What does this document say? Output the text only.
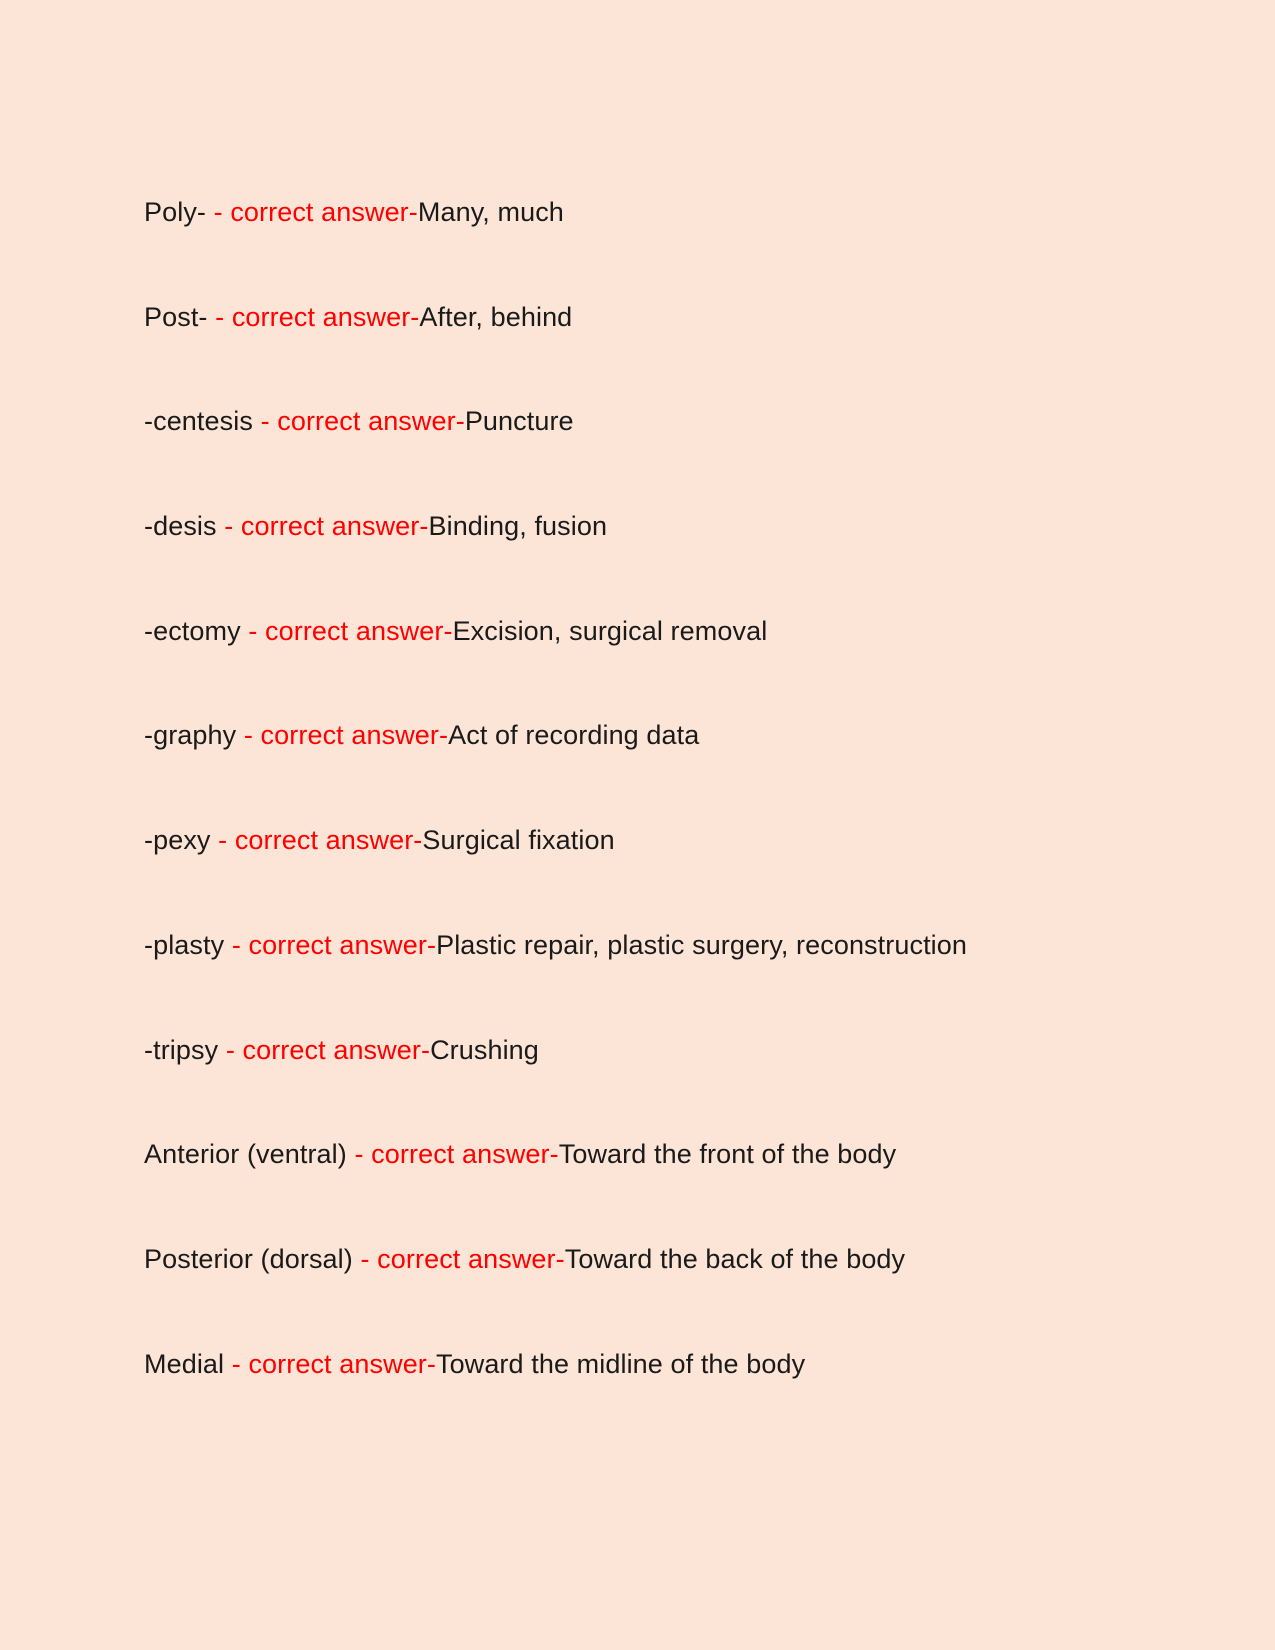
Poly- - correct answer-Many, much
Post- - correct answer-After, behind
-centesis - correct answer-Puncture
-desis - correct answer-Binding, fusion
-ectomy - correct answer-Excision, surgical removal
-graphy - correct answer-Act of recording data
-pexy - correct answer-Surgical fixation
-plasty - correct answer-Plastic repair, plastic surgery, reconstruction
-tripsy - correct answer-Crushing
Anterior (ventral) - correct answer-Toward the front of the body
Posterior (dorsal) - correct answer-Toward the back of the body
Medial - correct answer-Toward the midline of the body
